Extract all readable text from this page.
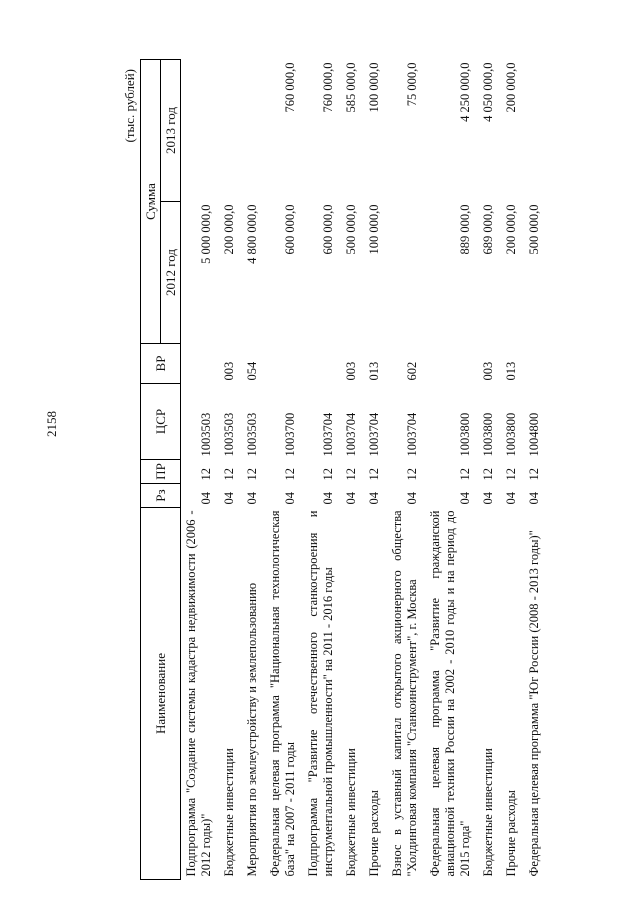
2158
(тыс. рублей)
Наименование	Рз	ПР	ЦСР	ВР	Сумма	
					2012 год	2013 год
Подпрограмма "Создание системы кадастра недвижимости (2006 - 2012 годы)"	04	12	1003503		5 000 000,0	
Бюджетные инвестиции	04	12	1003503	003	200 000,0	
Мероприятия по землеустройству и землепользованию	04	12	1003503	054	4 800 000,0	
Федеральная целевая программа "Национальная технологическая база" на 2007 - 2011 годы	04	12	1003700		600 000,0	760 000,0
Подпрограмма "Развитие отечественного станкостроения и инструментальной промышленности" на 2011 - 2016 годы	04	12	1003704		600 000,0	760 000,0
Бюджетные инвестиции	04	12	1003704	003	500 000,0	585 000,0
Прочие расходы	04	12	1003704	013	100 000,0	100 000,0
Взнос в уставный капитал открытого акционерного общества "Холдинговая компания "Станкоинструмент", г. Москва	04	12	1003704	602		75 000,0
Федеральная целевая программа "Развитие гражданской авиационной техники России на 2002 - 2010 годы и на период до 2015 года"	04	12	1003800		889 000,0	4 250 000,0
Бюджетные инвестиции	04	12	1003800	003	689 000,0	4 050 000,0
Прочие расходы	04	12	1003800	013	200 000,0	200 000,0
Федеральная целевая программа "Юг России (2008 - 2013 годы)"	04	12	1004800		500 000,0	
